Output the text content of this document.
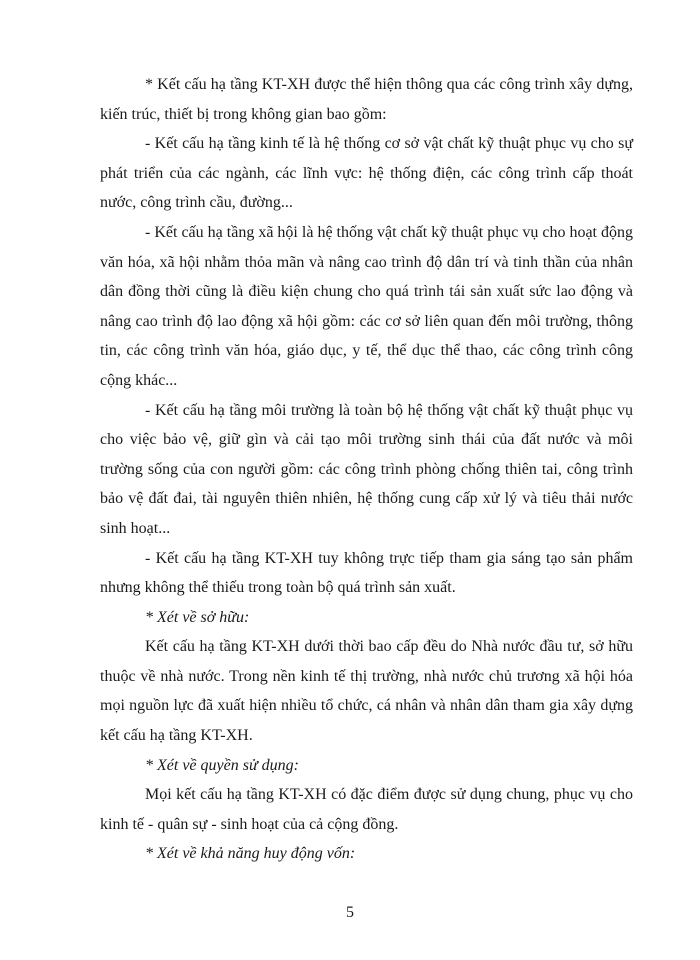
* Kết cấu hạ tầng KT-XH được thể hiện thông qua các công trình xây dựng, kiến trúc, thiết bị trong không gian bao gồm:

- Kết cấu hạ tầng kinh tế là hệ thống cơ sở vật chất kỹ thuật phục vụ cho sự phát triển của các ngành, các lĩnh vực: hệ thống điện, các công trình cấp thoát nước, công trình cầu, đường...

- Kết cấu hạ tầng xã hội là hệ thống vật chất kỹ thuật phục vụ cho hoạt động văn hóa, xã hội nhằm thỏa mãn và nâng cao trình độ dân trí và tinh thần của nhân dân đồng thời cũng là điều kiện chung cho quá trình tái sản xuất sức lao động và nâng cao trình độ lao động xã hội gồm: các cơ sở liên quan đến môi trường, thông tin, các công trình văn hóa, giáo dục, y tế, thể dục thể thao, các công trình công cộng khác...

- Kết cấu hạ tầng môi trường là toàn bộ hệ thống vật chất kỹ thuật phục vụ cho việc bảo vệ, giữ gìn và cải tạo môi trường sinh thái của đất nước và môi trường sống của con người gồm: các công trình phòng chống thiên tai, công trình bảo vệ đất đai, tài nguyên thiên nhiên, hệ thống cung cấp xử lý và tiêu thải nước sinh hoạt...

- Kết cấu hạ tầng KT-XH tuy không trực tiếp tham gia sáng tạo sản phẩm nhưng không thể thiếu trong toàn bộ quá trình sản xuất.

* Xét về sở hữu:

Kết cấu hạ tầng KT-XH dưới thời bao cấp đều do Nhà nước đầu tư, sở hữu thuộc về nhà nước. Trong nền kinh tế thị trường, nhà nước chủ trương xã hội hóa mọi nguồn lực đã xuất hiện nhiều tổ chức, cá nhân và nhân dân tham gia xây dựng kết cấu hạ tầng KT-XH.

* Xét về quyền sử dụng:

Mọi kết cấu hạ tầng KT-XH có đặc điểm được sử dụng chung, phục vụ cho kinh tế - quân sự - sinh hoạt của cả cộng đồng.

* Xét về khả năng huy động vốn:

5
